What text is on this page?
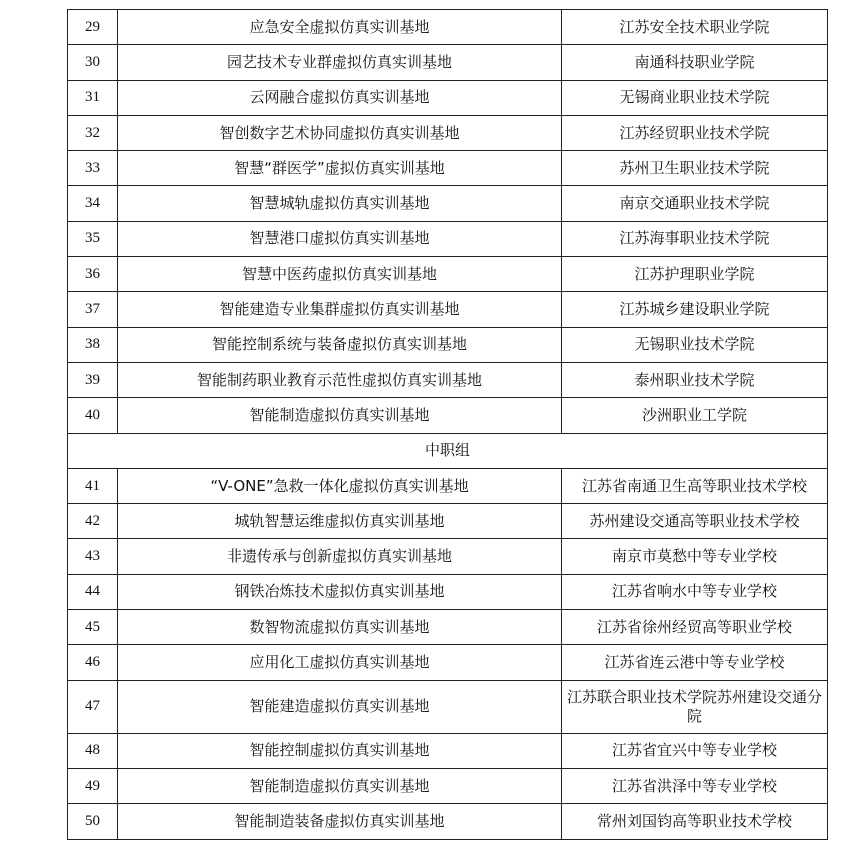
29	应急安全虚拟仿真实训基地	江苏安全技术职业学院
30	园艺技术专业群虚拟仿真实训基地	南通科技职业学院
31	云网融合虚拟仿真实训基地	无锡商业职业技术学院
32	智创数字艺术协同虚拟仿真实训基地	江苏经贸职业技术学院
33	智慧“群医学”虚拟仿真实训基地	苏州卫生职业技术学院
34	智慧城轨虚拟仿真实训基地	南京交通职业技术学院
35	智慧港口虚拟仿真实训基地	江苏海事职业技术学院
36	智慧中医药虚拟仿真实训基地	江苏护理职业学院
37	智能建造专业集群虚拟仿真实训基地	江苏城乡建设职业学院
38	智能控制系统与装备虚拟仿真实训基地	无锡职业技术学院
39	智能制药职业教育示范性虚拟仿真实训基地	泰州职业技术学院
40	智能制造虚拟仿真实训基地	沙洲职业工学院
中职组		
41	“V-ONE”急救一体化虚拟仿真实训基地	江苏省南通卫生高等职业技术学校
42	城轨智慧运维虚拟仿真实训基地	苏州建设交通高等职业技术学校
43	非遗传承与创新虚拟仿真实训基地	南京市莫愁中等专业学校
44	钢铁冶炼技术虚拟仿真实训基地	江苏省响水中等专业学校
45	数智物流虚拟仿真实训基地	江苏省徐州经贸高等职业学校
46	应用化工虚拟仿真实训基地	江苏省连云港中等专业学校
47	智能建造虚拟仿真实训基地	江苏联合职业技术学院苏州建设交通分院
48	智能控制虚拟仿真实训基地	江苏省宜兴中等专业学校
49	智能制造虚拟仿真实训基地	江苏省洪泽中等专业学校
50	智能制造装备虚拟仿真实训基地	常州刘国钧高等职业技术学校
